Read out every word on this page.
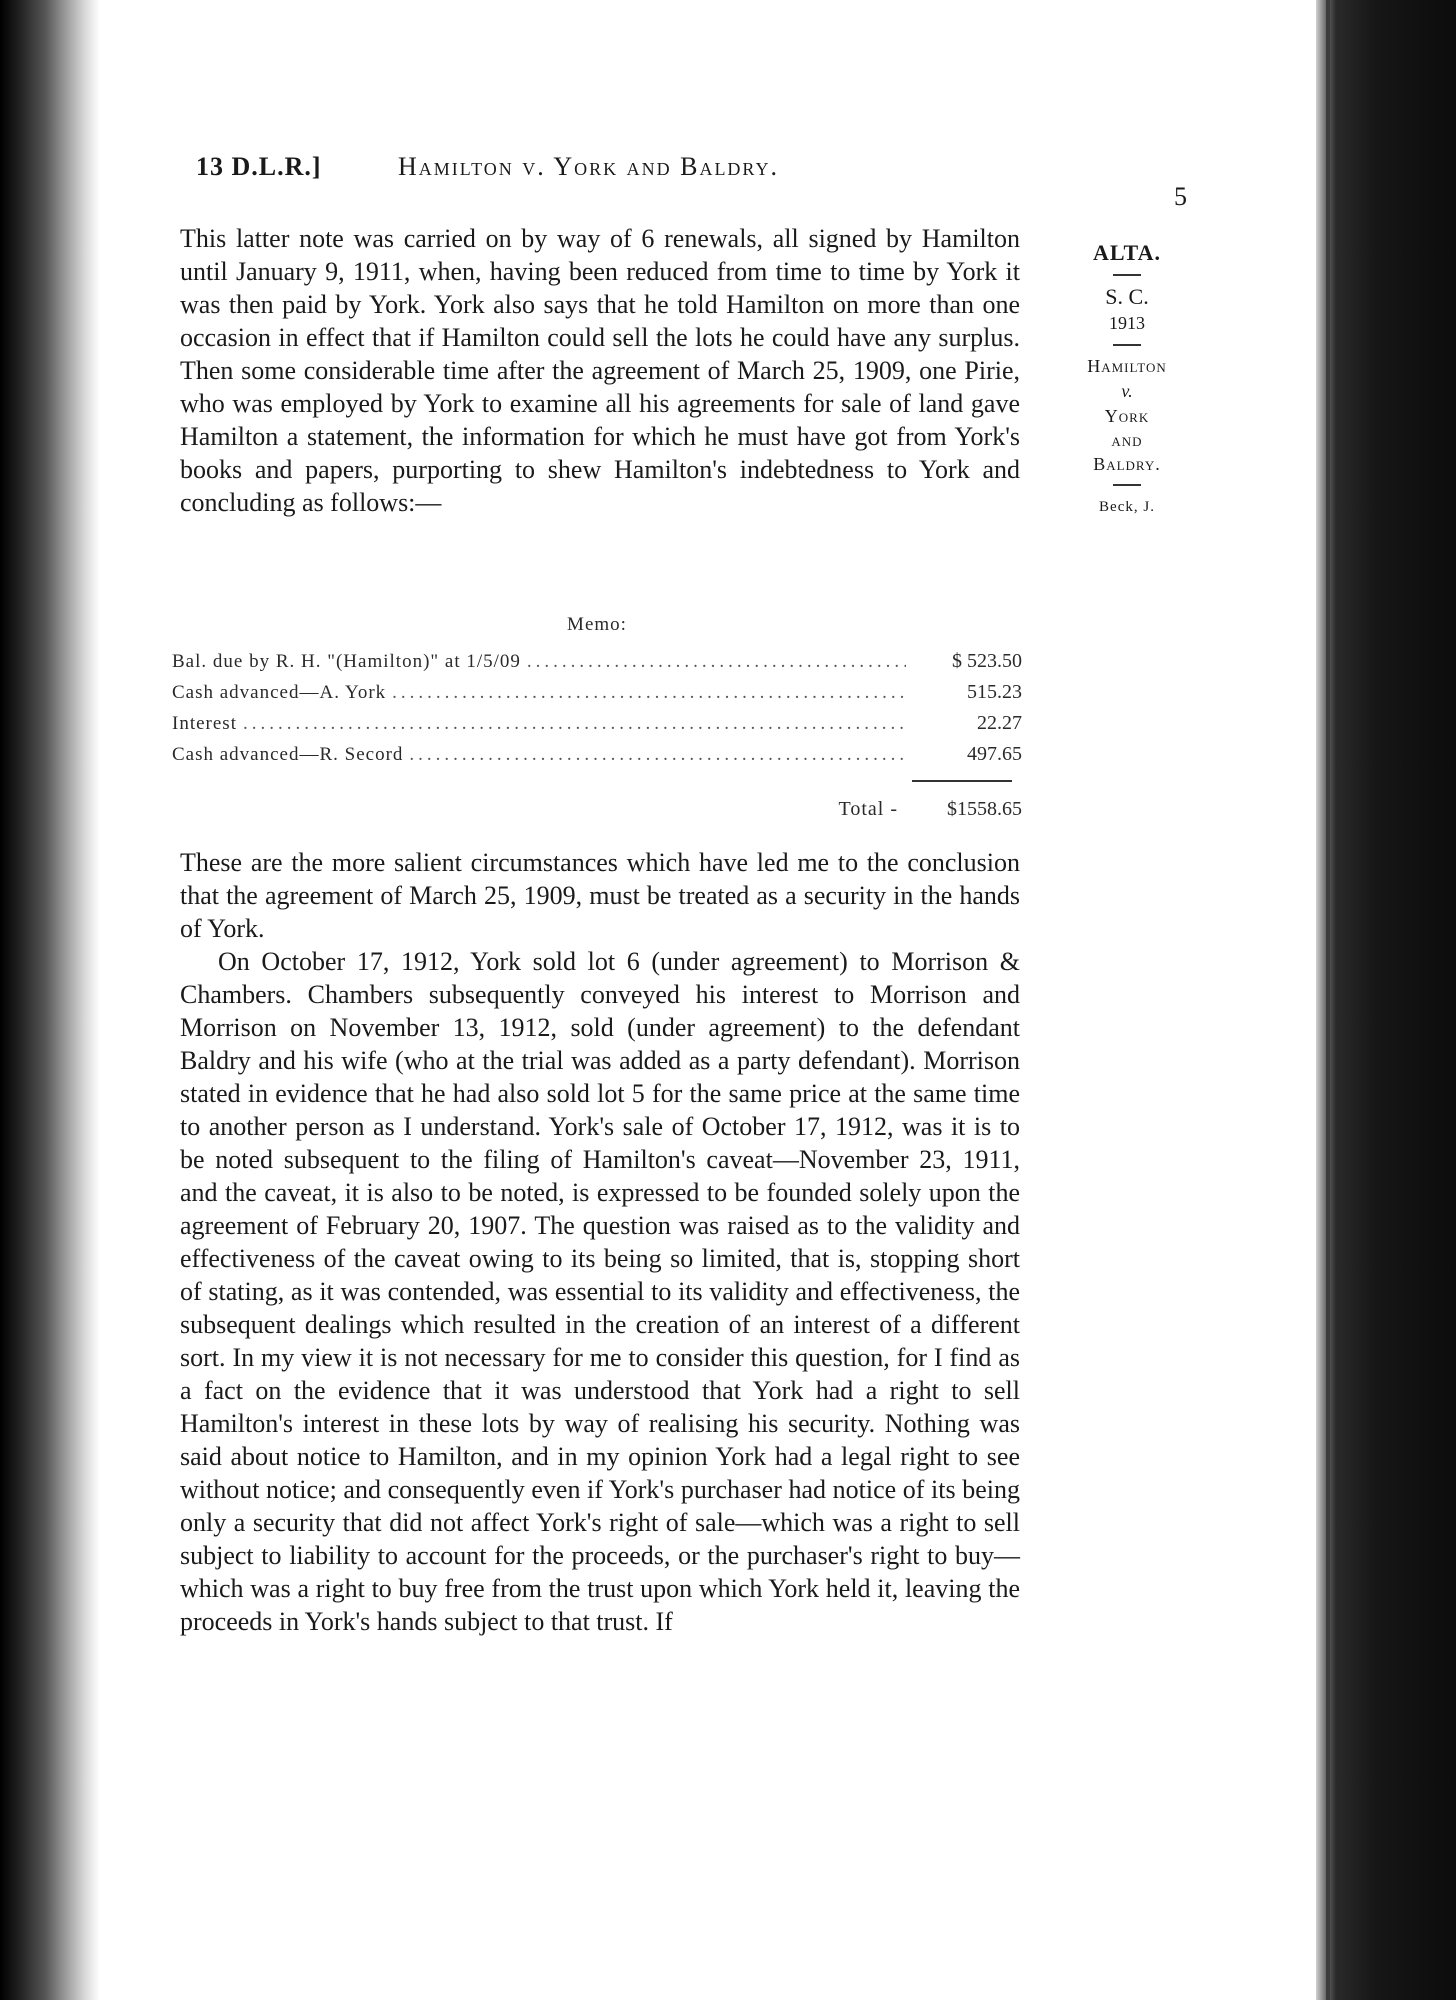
13 D.L.R.]	Hamilton v. York and Baldry.
5

This latter note was carried on by way of 6 renewals, all signed by Hamilton until January 9, 1911, when, having been reduced from time to time by York it was then paid by York. York also says that he told Hamilton on more than one occasion in effect that if Hamilton could sell the lots he could have any surplus. Then some considerable time after the agreement of March 25, 1909, one Pirie, who was employed by York to examine all his agreements for sale of land gave Hamilton a statement, the information for which he must have got from York's books and papers, purporting to shew Hamilton's indebtedness to York and concluding as follows:—

Memo:
Bal. due by R. H. "(Hamilton)" at 1/5/09 .....	$ 523.50
Cash advanced—A. York .....	515.23
Interest .....	22.27
Cash advanced—R. Secord .....	497.65
Total -	$1558.65

These are the more salient circumstances which have led me to the conclusion that the agreement of March 25, 1909, must be treated as a security in the hands of York.

On October 17, 1912, York sold lot 6 (under agreement) to Morrison & Chambers. Chambers subsequently conveyed his interest to Morrison and Morrison on November 13, 1912, sold (under agreement) to the defendant Baldry and his wife (who at the trial was added as a party defendant). Morrison stated in evidence that he had also sold lot 5 for the same price at the same time to another person as I understand. York's sale of October 17, 1912, was it is to be noted subsequent to the filing of Hamilton's caveat—November 23, 1911, and the caveat, it is also to be noted, is expressed to be founded solely upon the agreement of February 20, 1907. The question was raised as to the validity and effectiveness of the caveat owing to its being so limited, that is, stopping short of stating, as it was contended, was essential to its validity and effectiveness, the subsequent dealings which resulted in the creation of an interest of a different sort. In my view it is not necessary for me to consider this question, for I find as a fact on the evidence that it was understood that York had a right to sell Hamilton's interest in these lots by way of realising his security. Nothing was said about notice to Hamilton, and in my opinion York had a legal right to see without notice; and consequently even if York's purchaser had notice of its being only a security that did not affect York's right of sale—which was a right to sell subject to liability to account for the proceeds, or the purchaser's right to buy—which was a right to buy free from the trust upon which York held it, leaving the proceeds in York's hands subject to that trust. If

ALTA.
S. C.
1913
Hamilton
v.
York
and
Baldry.
Beck, J.
